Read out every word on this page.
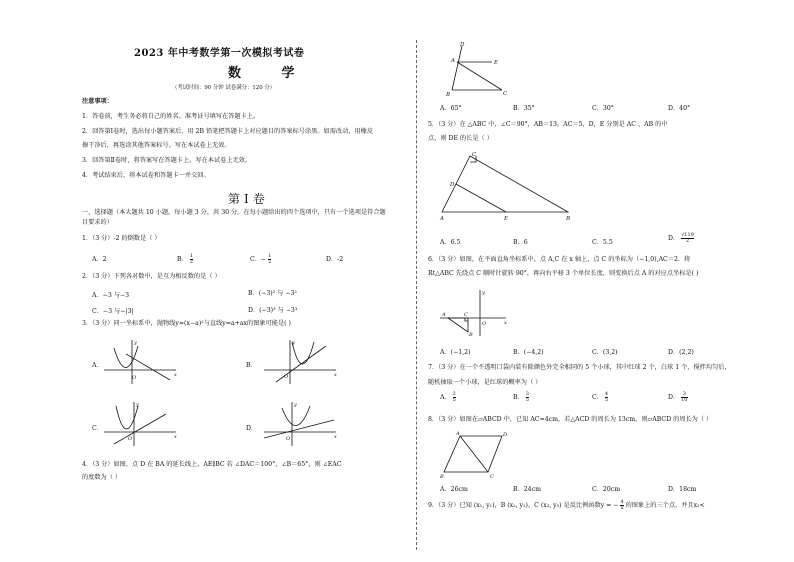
2023 年中考数学第一次模拟考试卷
数 学
（考试时间：90 分钟 试卷满分：120 分）
注意事项：
1．答卷前，考生务必将自己的姓名、准考证号填写在答题卡上。
2．回答第Ⅰ卷时，选出每小题答案后，用 2B 铅笔把答题卡上对应题目的答案标号涂黑。如需改动，用橡皮
擦干净后，再选涂其他答案标号。写在本试卷上无效。
3．回答第Ⅱ卷时，将答案写在答题卡上。写在本试卷上无效。
4．考试结束后，将本试卷和答题卡一并交回。
第Ⅰ卷
一、选择题（本大题共 10 小题，每小题 3 分，共 30 分。在每小题给出的四个选项中，只有一个选项是符合题
目要求的）
1．（3 分）-2 的倒数是（ ）
A．2	B． $\frac{1}{2}$	C．− $\frac{1}{2}$	D．-2
2．（3 分）下列各对数中，是互为相反数的是（ ）
A．−3 与−3	B．(−3)² 与 −3²
C．−3 与−|3|	D．(−3)³ 与 −3³
3．（3 分）同一坐标系中，抛物线y=(x−a)²与直线y=a+ax的图象可能是( )
A．	B．
C．	D．
O	x
y
O	x
y
O	x
y
O	x
y
4．（3 分）如图，点 D 在 BA 的延长线上，AE∥BC 若 ∠DAC＝100°，∠B＝65°，则 ∠EAC
的度数为（ ）
D
A	E
B	C
A．65°	B．35°	C．30°	D．40°
5．（3 分）在 △ABC 中，∠C＝90°，AB＝13，AC＝5，D，E 分别是 AC 、AB 的中
点，则 DE 的长是（ ）
C
D
A	E	B
A．6.5	B．6	C．5.5
D． $\frac{√119}{2}$
6．（3 分）如图，在平面直角坐标系中，点 A,C 在 x 轴上，点 C 的坐标为（−1,0),AC＝2．将
Rt△ABC 先绕点 C 顺时针旋转 90°，再向右平移 3 个单位长度，则变换后点 A 的对应点坐标是( )
A	C
O
B
x
y
A．(−1,2)	B．(−4,2)	C．(3,2)	D．(2,2)
7．（3 分）在一个不透明口袋内装有除颜色外完全相同的 5 个小球，其中红球 2 个，白球 1 个，搅拌均匀后，
随机抽取一个小球，是红球的概率为（ ）
A． $\frac{2}{5}$	B． $\frac{3}{5}$	C． $\frac{4}{5}$	D． $\frac{3}{10}$
8．（3 分）如图在▱ABCD 中，已知 AC=4cm，若△ACD 的周长为 13cm，则▱ABCD 的周长为（ ）
A	D
B	C
A．26cm	B．24cm	C．20cm	D．18cm
9．（3 分）已知 (x₁, y₁)，B (x₂, y₂)，C (x₃, y₃) 是反比例函数y = − $\frac{4}{x}$ 的图象上的三个点，并且x₁<
